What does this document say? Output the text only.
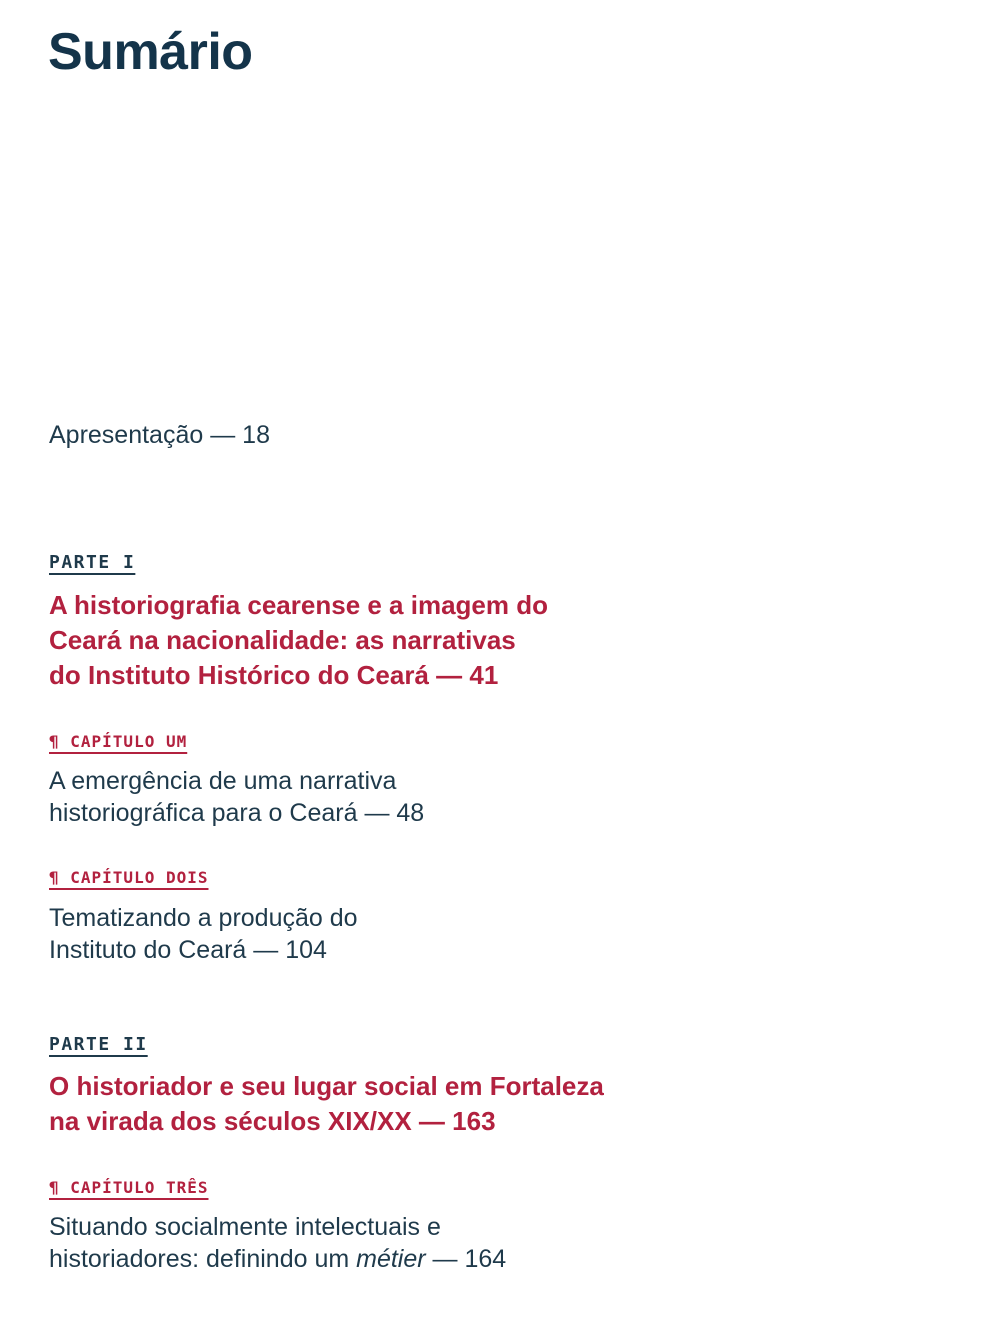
Sumário

Apresentação — 18

PARTE I

A historiografia cearense e a imagem do
Ceará na nacionalidade: as narrativas
do Instituto Histórico do Ceará — 41

¶ CAPÍTULO UM

A emergência de uma narrativa
historiográfica para o Ceará — 48

¶ CAPÍTULO DOIS

Tematizando a produção do
Instituto do Ceará — 104

PARTE II

O historiador e seu lugar social em Fortaleza
na virada dos séculos XIX/XX — 163

¶ CAPÍTULO TRÊS

Situando socialmente intelectuais e
historiadores: definindo um métier — 164
